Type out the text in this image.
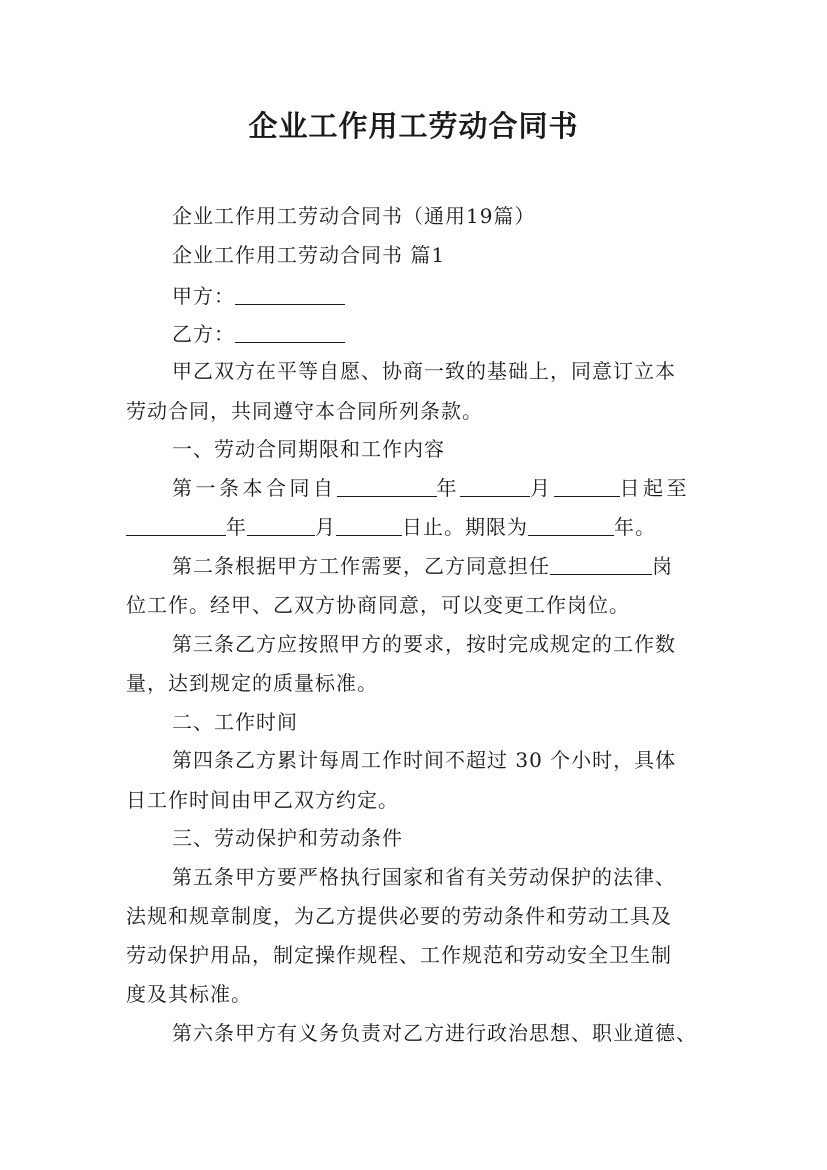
企业工作用工劳动合同书
企业工作用工劳动合同书（通用19篇）
企业工作用工劳动合同书 篇1
甲方：
乙方：
甲乙双方在平等自愿、协商一致的基础上，同意订立本
劳动合同，共同遵守本合同所列条款。
一、劳动合同期限和工作内容
第一条本合同自	年	月	日起至
年	月	日止。期限为	年。
第二条根据甲方工作需要，乙方同意担任	岗
位工作。经甲、乙双方协商同意，可以变更工作岗位。
第三条乙方应按照甲方的要求，按时完成规定的工作数
量，达到规定的质量标准。
二、工作时间
第四条乙方累计每周工作时间不超过 30 个小时，具体
日工作时间由甲乙双方约定。
三、劳动保护和劳动条件
第五条甲方要严格执行国家和省有关劳动保护的法律、
法规和规章制度，为乙方提供必要的劳动条件和劳动工具及
劳动保护用品，制定操作规程、工作规范和劳动安全卫生制
度及其标准。
第六条甲方有义务负责对乙方进行政治思想、职业道德、
